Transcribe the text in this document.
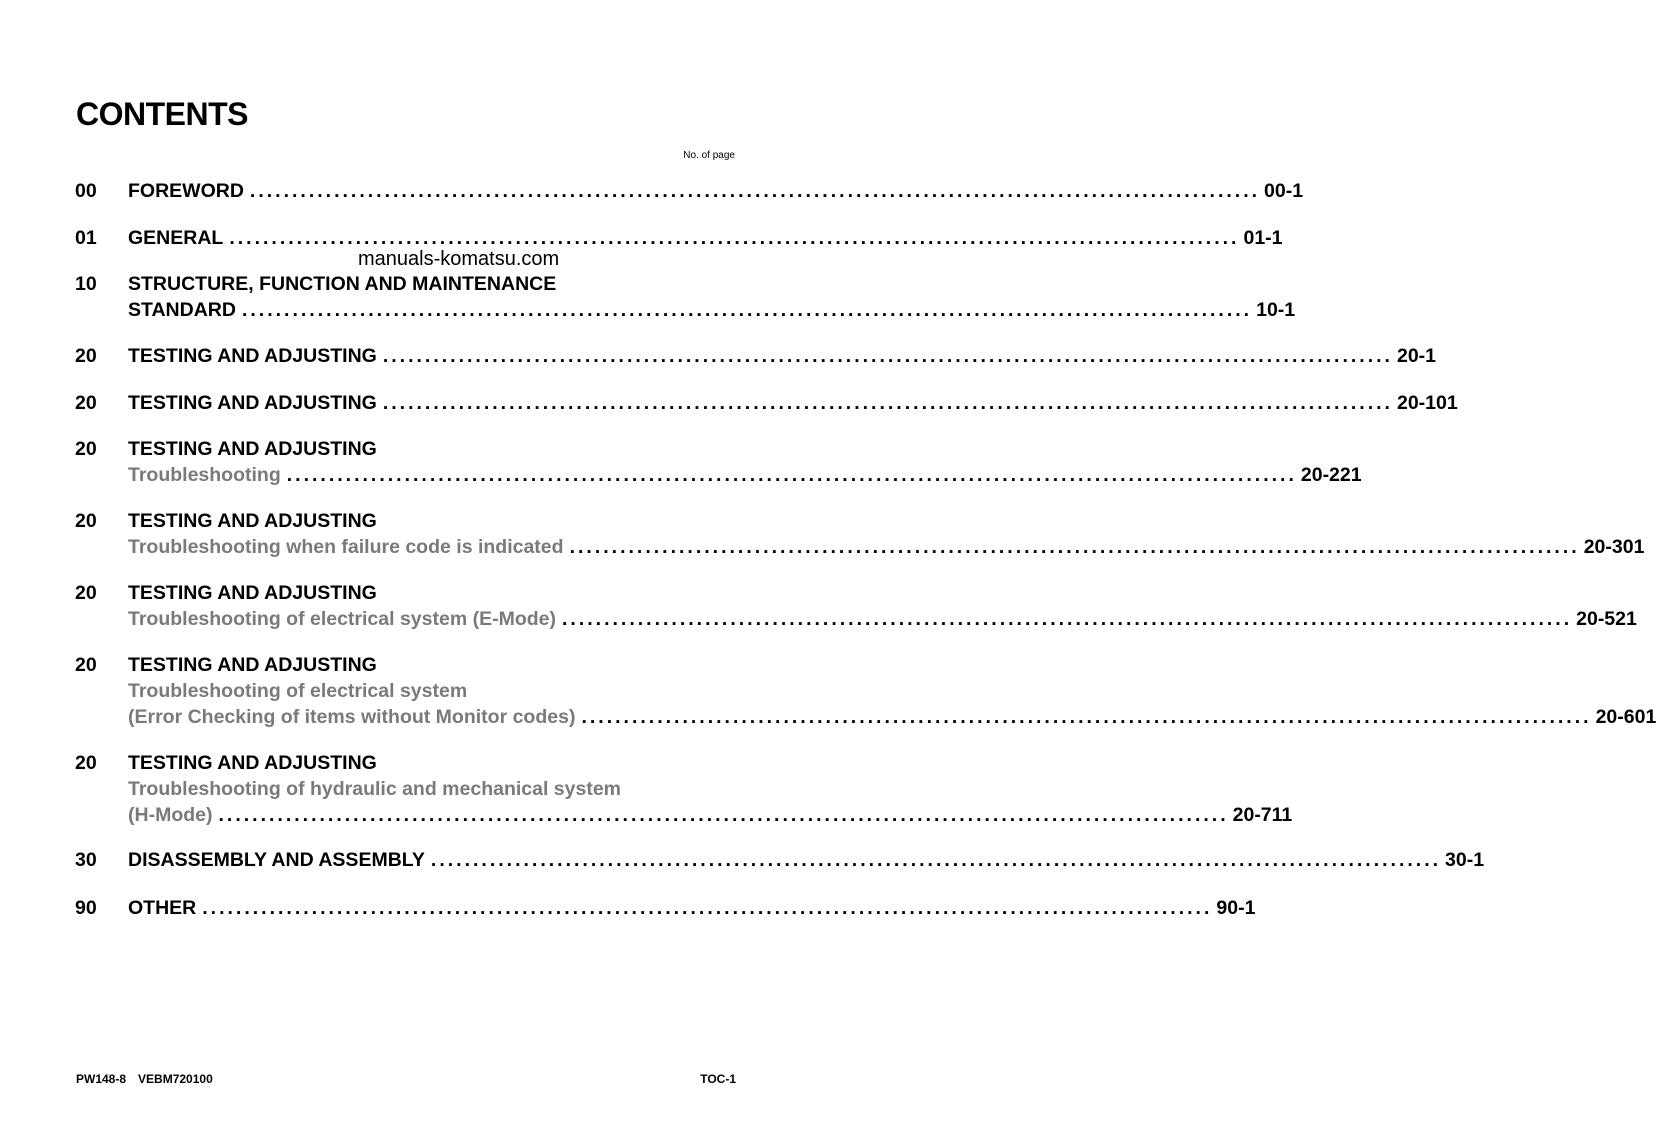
CONTENTS
No. of page
00 FOREWORD ........................................................................................................................ 00-1
01 GENERAL ........................................................................................................................ 01-1
10 STRUCTURE, FUNCTION AND MAINTENANCE
STANDARD ........................................................................................................................ 10-1
20 TESTING AND ADJUSTING ........................................................................................................................ 20-1
20 TESTING AND ADJUSTING ........................................................................................................................ 20-101
20 TESTING AND ADJUSTING
Troubleshooting ........................................................................................................................ 20-221
20 TESTING AND ADJUSTING
Troubleshooting when failure code is indicated ........................................................................................................................ 20-301
20 TESTING AND ADJUSTING
Troubleshooting of electrical system (E-Mode) ........................................................................................................................ 20-521
20 TESTING AND ADJUSTING
Troubleshooting of electrical system
(Error Checking of items without Monitor codes) ........................................................................................................................ 20-601
20 TESTING AND ADJUSTING
Troubleshooting of hydraulic and mechanical system
(H-Mode) ........................................................................................................................ 20-711
30 DISASSEMBLY AND ASSEMBLY ........................................................................................................................ 30-1
90 OTHER ........................................................................................................................ 90-1
manuals-komatsu.com
PW148-8 VEBM720100	TOC-1
